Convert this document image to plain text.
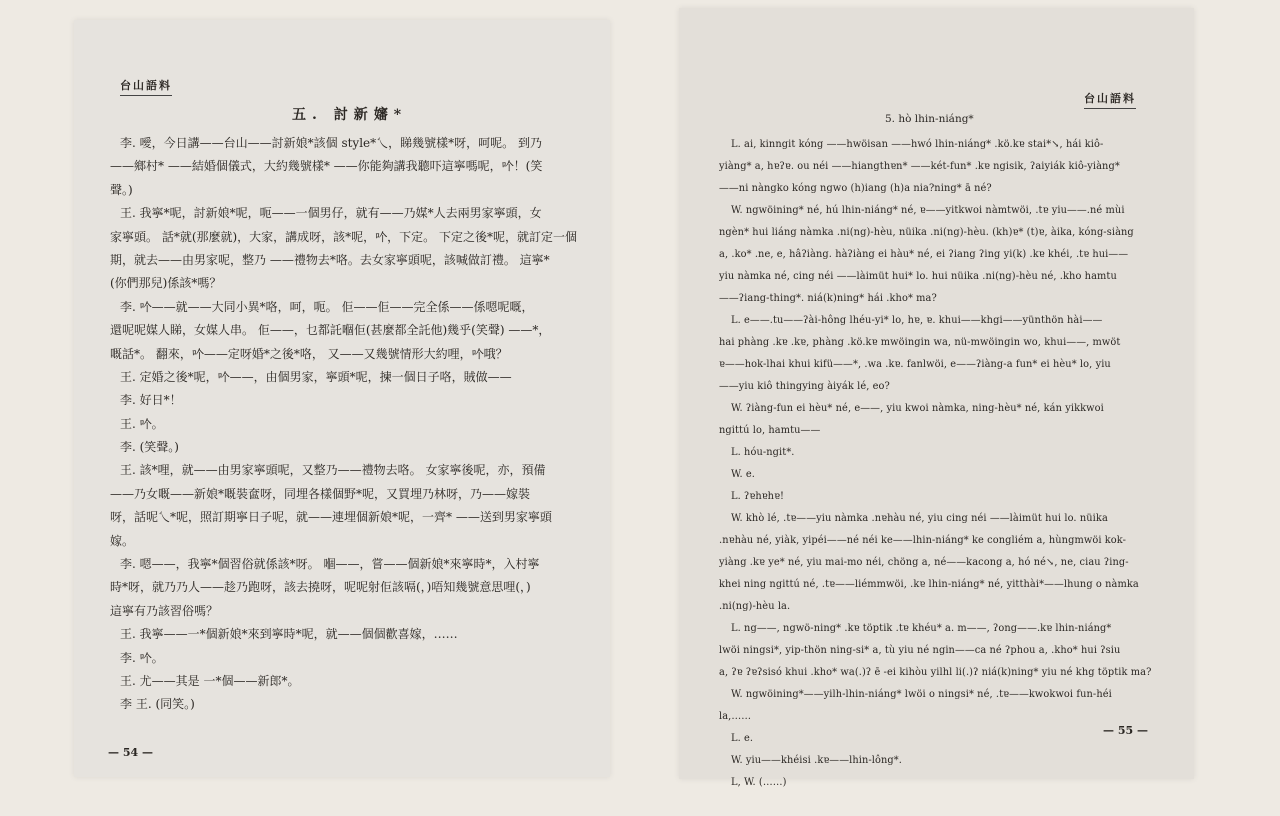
台山語料
五. 討新嬸*
李. 噯，今日講——台山——討新娘*該個 style*乀，睇幾號樣*呀，呵呢。 到乃
——鄉村* ——結婚個儀式，大約幾號樣* ——你能夠講我聽吓這寧嗎呢，𠮶！(笑
聲。)
王. 我寧*呢，討新娘*呢，呃——一個男仔，就有——乃媒*人去兩男家寧頭，女
家寧頭。 話*就(那麼就)，大家，講成呀，該*呢，𠮶，下定。 下定之後*呢，就訂定一個
期，就去——由男家呢，整乃 ——禮物去*咯。去女家寧頭呢，該喊做訂禮。 這寧*
(你們那兒)係該*嗎？
李. 𠮶——就——大同小異*咯，呵，呃。 佢——佢——完全係——係嗯呢嘅，
還呢呢媒人睇，女媒人串。 佢——，乜都託嗰佢(甚麼都全託他)幾乎(笑聲) ——*，
嘅話*。 翻來，𠮶——定呀婚*之後*咯， 又——又幾號情形大約哩，𠮶哦？
王. 定婚之後*呢，𠮶——，由個男家，寧頭*呢，揀一個日子咯，賊做——
李. 好日*！
王. 𠮶。
李. (笑聲。)
王. 該*哩，就——由男家寧頭呢，又整乃——禮物去咯。 女家寧後呢，亦，預備
——乃女嘅——新娘*嘅裝奩呀，同埋各樣個野*呢，又買埋乃林呀，乃——嫁裝
呀，話呢乀*呢，照訂期寧日子呢，就——連埋個新娘*呢，一齊* ——送到男家寧頭
嫁。
李. 嗯——，我寧*個習俗就係該*呀。 嗰——，嘗——個新娘*來寧時*，入村寧
時*呀，就乃乃人——趁乃跑呀，該去撓呀，呢呢射佢該嗝(，)唔知幾號意思哩(，)
這寧有乃該習俗嗎？
王. 我寧——一*個新娘*來到寧時*呢，就——個個歡喜嫁，……
李. 𠮶。
王. 尤——其是 一*個——新郎*。
李 王. (同笑。)
— 54 —
台山語料
5. hò lhin-niáng*
L. ai, kinngit kóng ——hwöisan ——hwó lhin-niáng* .kö.kɐ stai*↘, hái kiô-
yiàng* a, hɐʔɐ. ou néi ——hiangthɐn* ——két-fun* .kɐ ngisik, ʔaiyiák kiô-yiàng*
——ni nàngko kóng ngwo (h)iang (h)a nia?ning* ā né?
W. ngwöining* né, hú lhin-niáng* né, ɐ——yitkwoi nàmtwöi, .tɐ yiu——.né mùi
ngèn* hui liáng nàmka .ni(ng)-hèu, nüika .ni(ng)-hèu. (kh)ɐ* (t)ɐ, àika, kóng-siàng
a, .ko* .ne, e, hâʔiàng. hàʔiàng ei hàu* né, ei ʔiang ʔing yi(k) .kɐ khéi, .tɐ hui——
yiu nàmka né, cing néi ——làimüt hui* lo. hui nüika .ni(ng)-hèu né, .kho hamtu
——ʔiang-thing*. niá(k)ning* hái .kho* ma?
L. e——.tu——ʔài-hông lhéu-yi* lo, hɐ, ɐ. khui——khgi——yünthön hài——
hai phàng .kɐ .kɐ, phàng .kö.kɐ mwöingin wa, nü-mwöingin wo, khui——, mwöt
ɐ——hok-lhai khui kifü——*, .wa .kɐ. fanlwöi, e——ʔiàng-a fun* ei hèu* lo, yiu
——yiu kiô thingying àiyák lé, eo?
W. ʔiàng-fun ei hèu* né, e——, yiu kwoi nàmka, ning-hèu* né, kán yikkwoi
ngittú lo, hamtu——
L. hóu-ngit*.
W. e.
L. ʔɐhɐhɐ!
W. khò lé, .tɐ——yiu nàmka .nɐhàu né, yiu cing néi ——làimüt hui lo. nüika
.nɐhàu né, yiàk, yipéi——né néi ke——lhin-niáng* ke congliém a, hùngmwöi kok-
yiàng .kɐ ye* né, yiu mai-mo néi, chöng a, né——kacong a, hó né↘, ne, ciau ʔing-
khei ning ngittú né, .tɐ——liémmwöi, .kɐ lhin-niáng* né, yitthài*——lhung o nàmka
.ni(ng)-hèu la.
L. ng——, ngwö-ning* .kɐ töptik .tɐ khéu* a. m——, ʔong——.kɐ lhin-niáng*
lwöi ningsi*, yip-thön ning-si* a, tù yiu né ngin——ca né ʔphou a, .kho* hui ʔsiu
a, ʔɐ ʔɐʔsisó khui .kho* wa(.)ʔ ē -ei kihòu yilhl li(.)ʔ niá(k)ning* yiu né khg töptik ma?
W. ngwöining*——yilh-lhin-niáng* lwöi o ningsi* né, .tɐ——kwokwoi fun-héi
la,……
L. e.
W. yiu——khéisi .kɐ——lhin-lông*.
L, W. (……)
— 55 —
